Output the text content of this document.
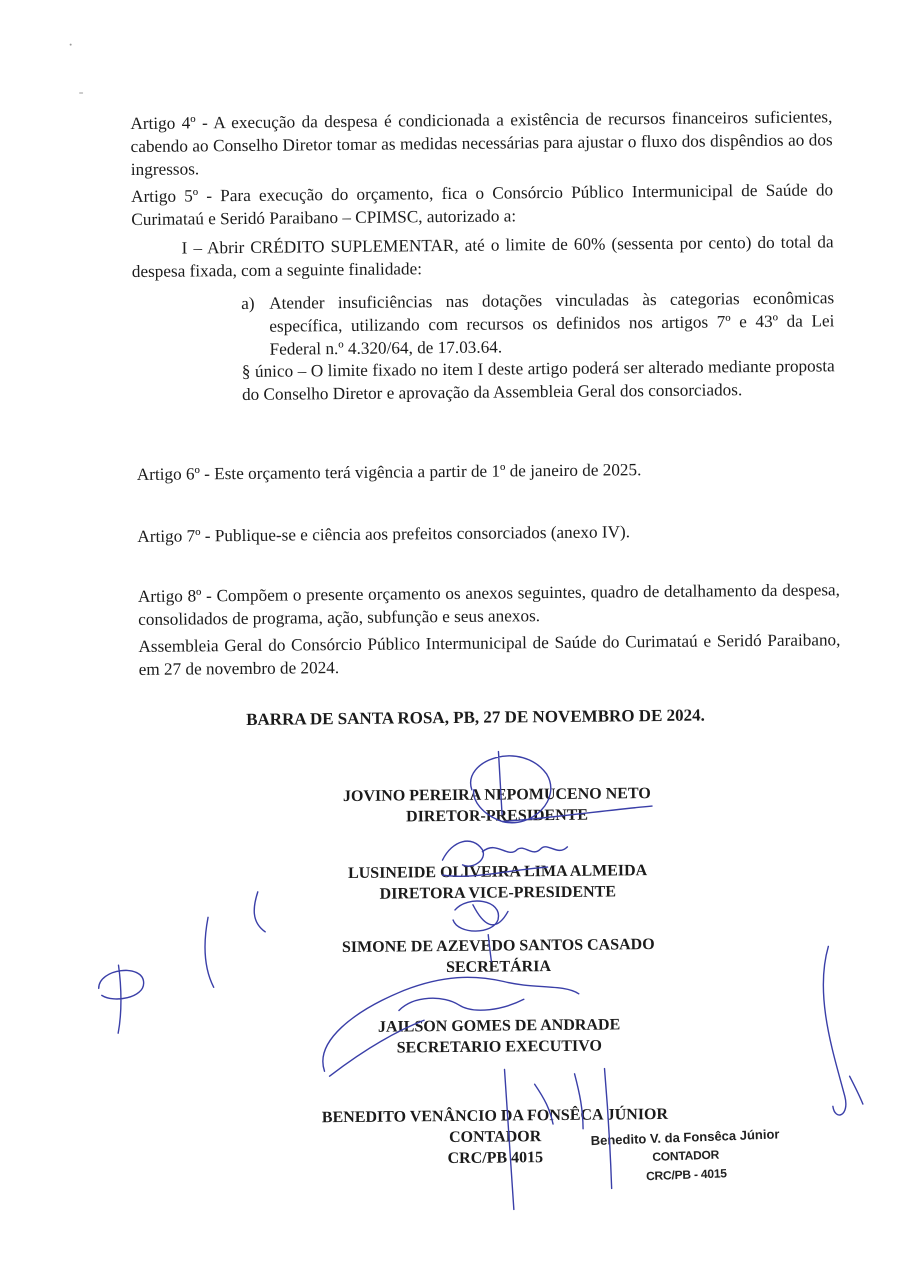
Artigo 4º - A execução da despesa é condicionada a existência de recursos financeiros suficientes, cabendo ao Conselho Diretor tomar as medidas necessárias para ajustar o fluxo dos dispêndios ao dos ingressos.

Artigo 5º - Para execução do orçamento, fica o Consórcio Público Intermunicipal de Saúde do Curimataú e Seridó Paraibano – CPIMSC, autorizado a:

I – Abrir CRÉDITO SUPLEMENTAR, até o limite de 60% (sessenta por cento) do total da despesa fixada, com a seguinte finalidade:

a) Atender insuficiências nas dotações vinculadas às categorias econômicas específica, utilizando com recursos os definidos nos artigos 7º e 43º da Lei Federal n.º 4.320/64, de 17.03.64.

§ único – O limite fixado no item I deste artigo poderá ser alterado mediante proposta do Conselho Diretor e aprovação da Assembleia Geral dos consorciados.

Artigo 6º - Este orçamento terá vigência a partir de 1º de janeiro de 2025.

Artigo 7º - Publique-se e ciência aos prefeitos consorciados (anexo IV).

Artigo 8º - Compõem o presente orçamento os anexos seguintes, quadro de detalhamento da despesa, consolidados de programa, ação, subfunção e seus anexos.

Assembleia Geral do Consórcio Público Intermunicipal de Saúde do Curimataú e Seridó Paraibano, em 27 de novembro de 2024.

BARRA DE SANTA ROSA, PB, 27 DE NOVEMBRO DE 2024.
JOVINO PEREIRA NEPOMUCENO NETO
DIRETOR-PRESIDENTE
LUSINEIDE OLIVEIRA LIMA ALMEIDA
DIRETORA VICE-PRESIDENTE
SIMONE DE AZEVEDO SANTOS CASADO
SECRETÁRIA
JAILSON GOMES DE ANDRADE
SECRETARIO EXECUTIVO
BENEDITO VENÂNCIO DA FONSÊCA JÚNIOR
CONTADOR
CRC/PB 4015
Benedito V. da Fonsêca Júnior
CONTADOR
CRC/PB - 4015
